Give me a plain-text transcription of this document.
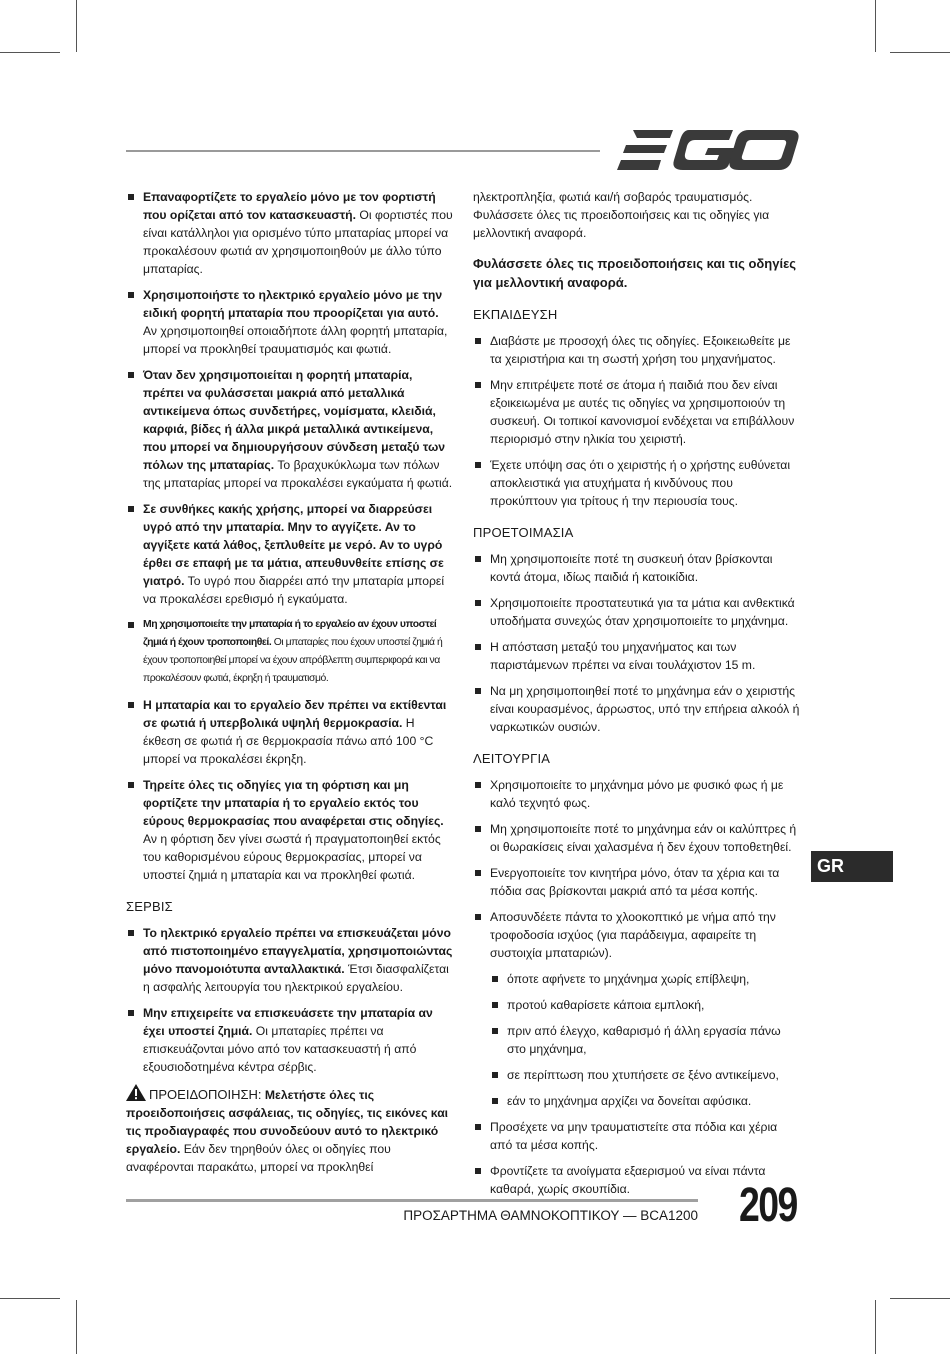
Επαναφορτίζετε το εργαλείο μόνο με τον φορτιστή που ορίζεται από τον κατασκευαστή. Οι φορτιστές που είναι κατάλληλοι για ορισμένο τύπο μπαταρίας μπορεί να προκαλέσουν φωτιά αν χρησιμοποιηθούν με άλλο τύπο μπαταρίας.
Χρησιμοποιήστε το ηλεκτρικό εργαλείο μόνο με την ειδική φορητή μπαταρία που προορίζεται για αυτό. Αν χρησιμοποιηθεί οποιαδήποτε άλλη φορητή μπαταρία, μπορεί να προκληθεί τραυματισμός και φωτιά.
Όταν δεν χρησιμοποιείται η φορητή μπαταρία, πρέπει να φυλάσσεται μακριά από μεταλλικά αντικείμενα όπως συνδετήρες, νομίσματα, κλειδιά, καρφιά, βίδες ή άλλα μικρά μεταλλικά αντικείμενα, που μπορεί να δημιουργήσουν σύνδεση μεταξύ των πόλων της μπαταρίας. Το βραχυκύκλωμα των πόλων της μπαταρίας μπορεί να προκαλέσει εγκαύματα ή φωτιά.
Σε συνθήκες κακής χρήσης, μπορεί να διαρρεύσει υγρό από την μπαταρία. Μην το αγγίζετε. Αν το αγγίξετε κατά λάθος, ξεπλυθείτε με νερό. Αν το υγρό έρθει σε επαφή με τα μάτια, απευθυνθείτε επίσης σε γιατρό. Το υγρό που διαρρέει από την μπαταρία μπορεί να προκαλέσει ερεθισμό ή εγκαύματα.
Μη χρησιμοποιείτε την μπαταρία ή το εργαλείο αν έχουν υποστεί ζημιά ή έχουν τροποποιηθεί. Οι μπαταρίες που έχουν υποστεί ζημιά ή έχουν τροποποιηθεί μπορεί να έχουν απρόβλεπτη συμπεριφορά και να προκαλέσουν φωτιά, έκρηξη ή τραυματισμό.
Η μπαταρία και το εργαλείο δεν πρέπει να εκτίθενται σε φωτιά ή υπερβολικά υψηλή θερμοκρασία. Η έκθεση σε φωτιά ή σε θερμοκρασία πάνω από 100 °C μπορεί να προκαλέσει έκρηξη.
Τηρείτε όλες τις οδηγίες για τη φόρτιση και μη φορτίζετε την μπαταρία ή το εργαλείο εκτός του εύρους θερμοκρασίας που αναφέρεται στις οδηγίες. Αν η φόρτιση δεν γίνει σωστά ή πραγματοποιηθεί εκτός του καθορισμένου εύρους θερμοκρασίας, μπορεί να υποστεί ζημιά η μπαταρία και να προκληθεί φωτιά.
ΣΕΡΒΙΣ
Το ηλεκτρικό εργαλείο πρέπει να επισκευάζεται μόνο από πιστοποιημένο επαγγελματία, χρησιμοποιώντας μόνο πανομοιότυπα ανταλλακτικά. Έτσι διασφαλίζεται η ασφαλής λειτουργία του ηλεκτρικού εργαλείου.
Μην επιχειρείτε να επισκευάσετε την μπαταρία αν έχει υποστεί ζημιά. Οι μπαταρίες πρέπει να επισκευάζονται μόνο από τον κατασκευαστή ή από εξουσιοδοτημένα κέντρα σέρβις.
ΠΡΟΕΙΔΟΠΟΙΗΣΗ: Μελετήστε όλες τις προειδοποιήσεις ασφάλειας, τις οδηγίες, τις εικόνες και τις προδιαγραφές που συνοδεύουν αυτό το ηλεκτρικό εργαλείο. Εάν δεν τηρηθούν όλες οι οδηγίες που αναφέρονται παρακάτω, μπορεί να προκληθεί
ηλεκτροπληξία, φωτιά και/ή σοβαρός τραυματισμός. Φυλάσσετε όλες τις προειδοποιήσεις και τις οδηγίες για μελλοντική αναφορά.
Φυλάσσετε όλες τις προειδοποιήσεις και τις οδηγίες για μελλοντική αναφορά.
ΕΚΠΑΙΔΕΥΣΗ
Διαβάστε με προσοχή όλες τις οδηγίες. Εξοικειωθείτε με τα χειριστήρια και τη σωστή χρήση του μηχανήματος.
Μην επιτρέψετε ποτέ σε άτομα ή παιδιά που δεν είναι εξοικειωμένα με αυτές τις οδηγίες να χρησιμοποιούν τη συσκευή. Οι τοπικοί κανονισμοί ενδέχεται να επιβάλλουν περιορισμό στην ηλικία του χειριστή.
Έχετε υπόψη σας ότι ο χειριστής ή ο χρήστης ευθύνεται αποκλειστικά για ατυχήματα ή κινδύνους που προκύπτουν για τρίτους ή την περιουσία τους.
ΠΡΟΕΤΟΙΜΑΣΙΑ
Μη χρησιμοποιείτε ποτέ τη συσκευή όταν βρίσκονται κοντά άτομα, ιδίως παιδιά ή κατοικίδια.
Χρησιμοποιείτε προστατευτικά για τα μάτια και ανθεκτικά υποδήματα συνεχώς όταν χρησιμοποιείτε το μηχάνημα.
Η απόσταση μεταξύ του μηχανήματος και των παριστάμενων πρέπει να είναι τουλάχιστον 15 m.
Να μη χρησιμοποιηθεί ποτέ το μηχάνημα εάν ο χειριστής είναι κουρασμένος, άρρωστος, υπό την επήρεια αλκοόλ ή ναρκωτικών ουσιών.
ΛΕΙΤΟΥΡΓΙΑ
Χρησιμοποιείτε το μηχάνημα μόνο με φυσικό φως ή με καλό τεχνητό φως.
Μη χρησιμοποιείτε ποτέ το μηχάνημα εάν οι καλύπτρες ή οι θωρακίσεις είναι χαλασμένα ή δεν έχουν τοποθετηθεί.
Ενεργοποιείτε τον κινητήρα μόνο, όταν τα χέρια και τα πόδια σας βρίσκονται μακριά από τα μέσα κοπής.
Αποσυνδέετε πάντα το χλοοκοπτικό με νήμα από την τροφοδοσία ισχύος (για παράδειγμα, αφαιρείτε τη συστοιχία μπαταριών).
όποτε αφήνετε το μηχάνημα χωρίς επίβλεψη,
προτού καθαρίσετε κάποια εμπλοκή,
πριν από έλεγχο, καθαρισμό ή άλλη εργασία πάνω στο μηχάνημα,
σε περίπτωση που χτυπήσετε σε ξένο αντικείμενο,
εάν το μηχάνημα αρχίζει να δονείται αφύσικα.
Προσέχετε να μην τραυματιστείτε στα πόδια και χέρια από τα μέσα κοπής.
Φροντίζετε τα ανοίγματα εξαερισμού να είναι πάντα καθαρά, χωρίς σκουπίδια.
GR
ΠΡΟΣΑΡΤΗΜΑ ΘΑΜΝΟΚΟΠΤΙΚΟΥ — BCA1200 209
